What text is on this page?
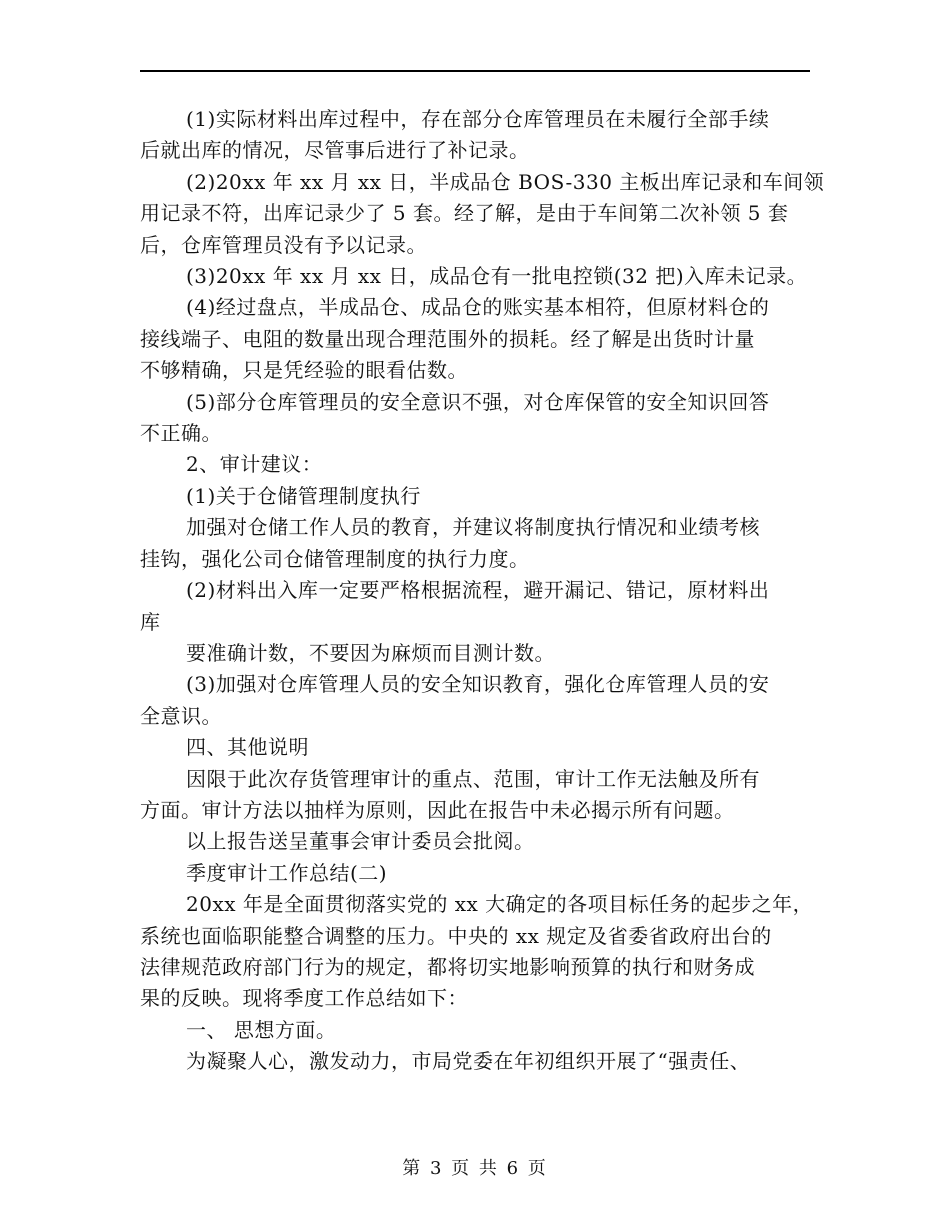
(1)实际材料出库过程中，存在部分仓库管理员在未履行全部手续
后就出库的情况，尽管事后进行了补记录。
(2)20xx 年 xx 月 xx 日，半成品仓 BOS-330 主板出库记录和车间领
用记录不符，出库记录少了 5 套。经了解，是由于车间第二次补领 5 套
后，仓库管理员没有予以记录。
(3)20xx 年 xx 月 xx 日，成品仓有一批电控锁(32 把)入库未记录。
(4)经过盘点，半成品仓、成品仓的账实基本相符，但原材料仓的
接线端子、电阻的数量出现合理范围外的损耗。经了解是出货时计量
不够精确，只是凭经验的眼看估数。
(5)部分仓库管理员的安全意识不强，对仓库保管的安全知识回答
不正确。
2、审计建议：
(1)关于仓储管理制度执行
加强对仓储工作人员的教育，并建议将制度执行情况和业绩考核
挂钩，强化公司仓储管理制度的执行力度。
(2)材料出入库一定要严格根据流程，避开漏记、错记，原材料出
库
要准确计数，不要因为麻烦而目测计数。
(3)加强对仓库管理人员的安全知识教育，强化仓库管理人员的安
全意识。
四、其他说明
因限于此次存货管理审计的重点、范围，审计工作无法触及所有
方面。审计方法以抽样为原则，因此在报告中未必揭示所有问题。
以上报告送呈董事会审计委员会批阅。
季度审计工作总结(二)
20xx 年是全面贯彻落实党的 xx 大确定的各项目标任务的起步之年，
系统也面临职能整合调整的压力。中央的 xx 规定及省委省政府出台的
法律规范政府部门行为的规定，都将切实地影响预算的执行和财务成
果的反映。现将季度工作总结如下：
一、 思想方面。
为凝聚人心，激发动力，市局党委在年初组织开展了“强责任、
第 3 页 共 6 页
